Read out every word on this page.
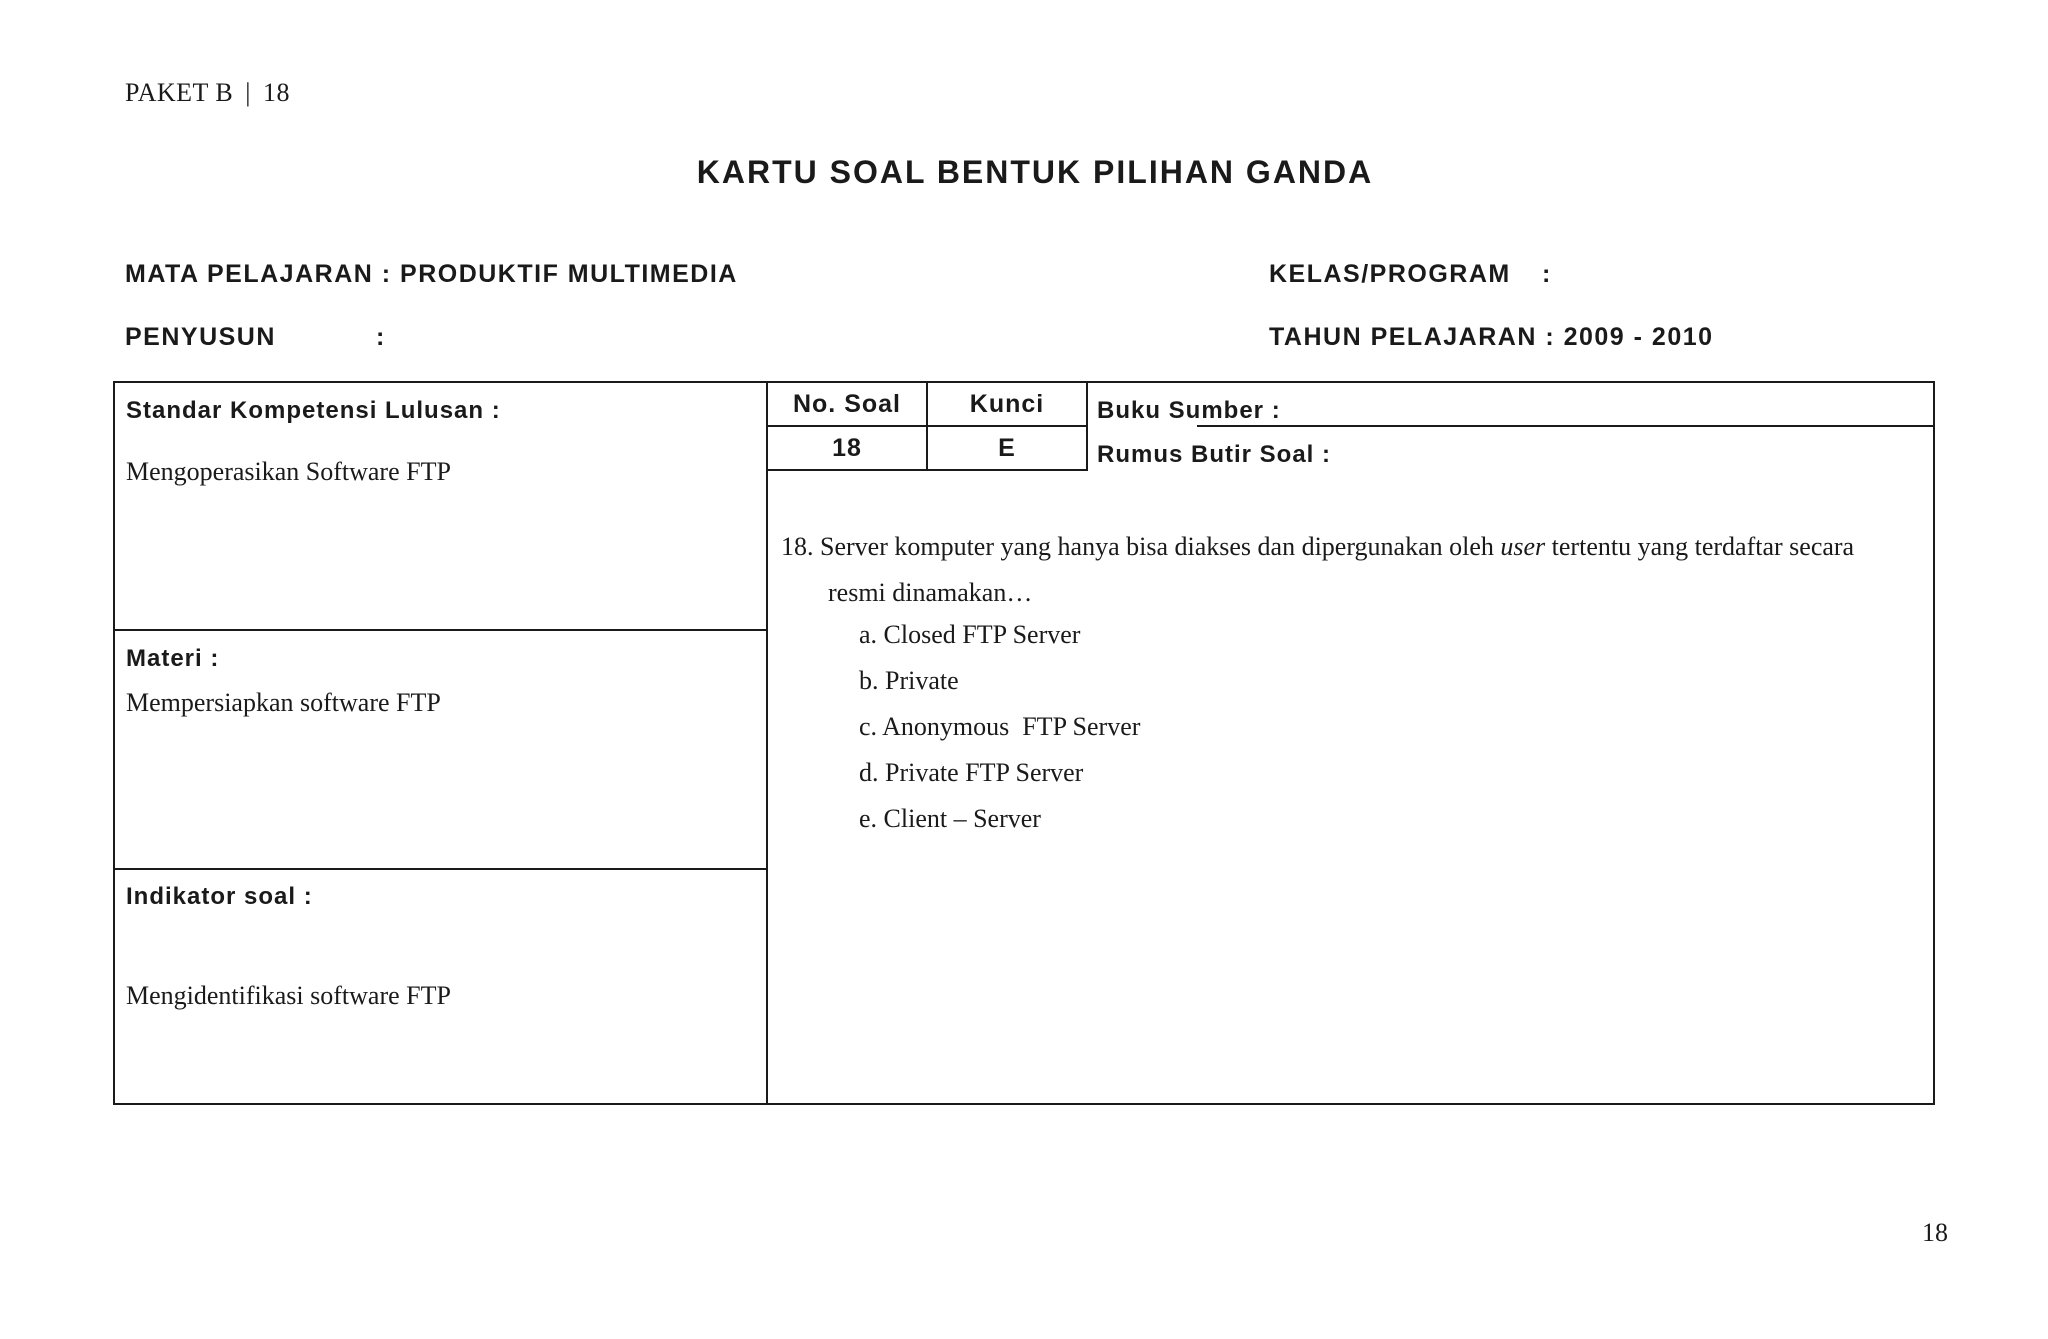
PAKET B | 18
KARTU SOAL BENTUK PILIHAN GANDA
MATA PELAJARAN : PRODUKTIF MULTIMEDIA
PENYUSUN	:
KELAS/PROGRAM :
TAHUN PELAJARAN : 2009 - 2010
Standar Kompetensi Lulusan :
Mengoperasikan Software FTP
Materi :
Mempersiapkan software FTP
Indikator soal :
Mengidentifikasi software FTP
No. Soal	Kunci
18	E
Buku Sumber :
Rumus Butir Soal :
18. Server komputer yang hanya bisa diakses dan dipergunakan oleh user tertentu yang terdaftar secara
resmi dinamakan…
a. Closed FTP Server
b. Private
c. Anonymous  FTP Server
d. Private FTP Server
e. Client – Server
18
